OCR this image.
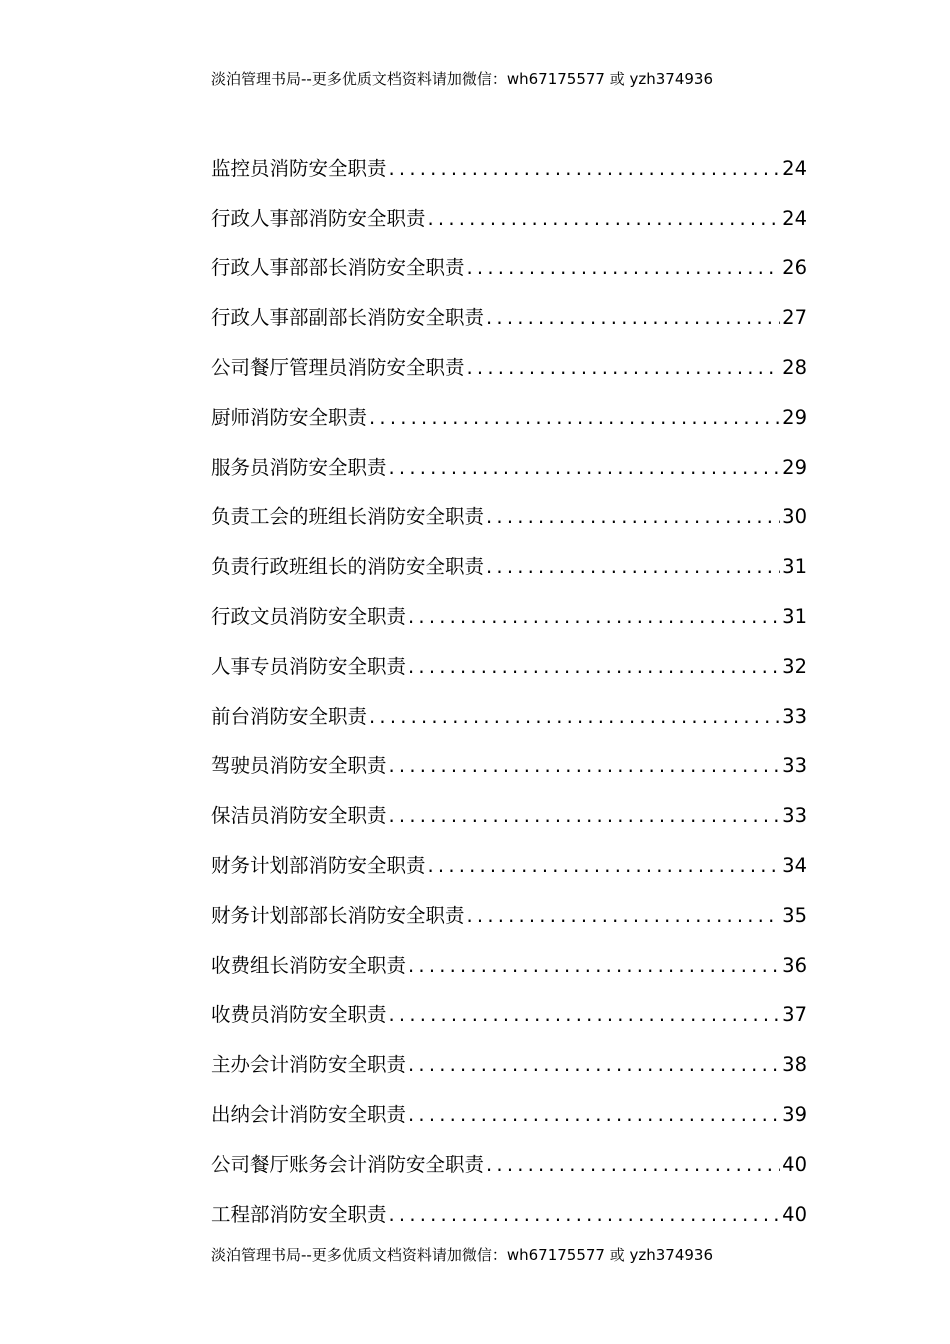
淡泊管理书局--更多优质文档资料请加微信：wh67175577 或 yzh374936
监控员消防安全职责 .....	24
行政人事部消防安全职责 .....	24
行政人事部部长消防安全职责 .....	26
行政人事部副部长消防安全职责 .....	27
公司餐厅管理员消防安全职责 .....	28
厨师消防安全职责 .....	29
服务员消防安全职责 .....	29
负责工会的班组长消防安全职责 .....	30
负责行政班组长的消防安全职责 .....	31
行政文员消防安全职责 .....	31
人事专员消防安全职责 .....	32
前台消防安全职责 .....	33
驾驶员消防安全职责 .....	33
保洁员消防安全职责 .....	33
财务计划部消防安全职责 .....	34
财务计划部部长消防安全职责 .....	35
收费组长消防安全职责 .....	36
收费员消防安全职责 .....	37
主办会计消防安全职责 .....	38
出纳会计消防安全职责 .....	39
公司餐厅账务会计消防安全职责 .....	40
工程部消防安全职责 .....	40
淡泊管理书局--更多优质文档资料请加微信：wh67175577 或 yzh374936
